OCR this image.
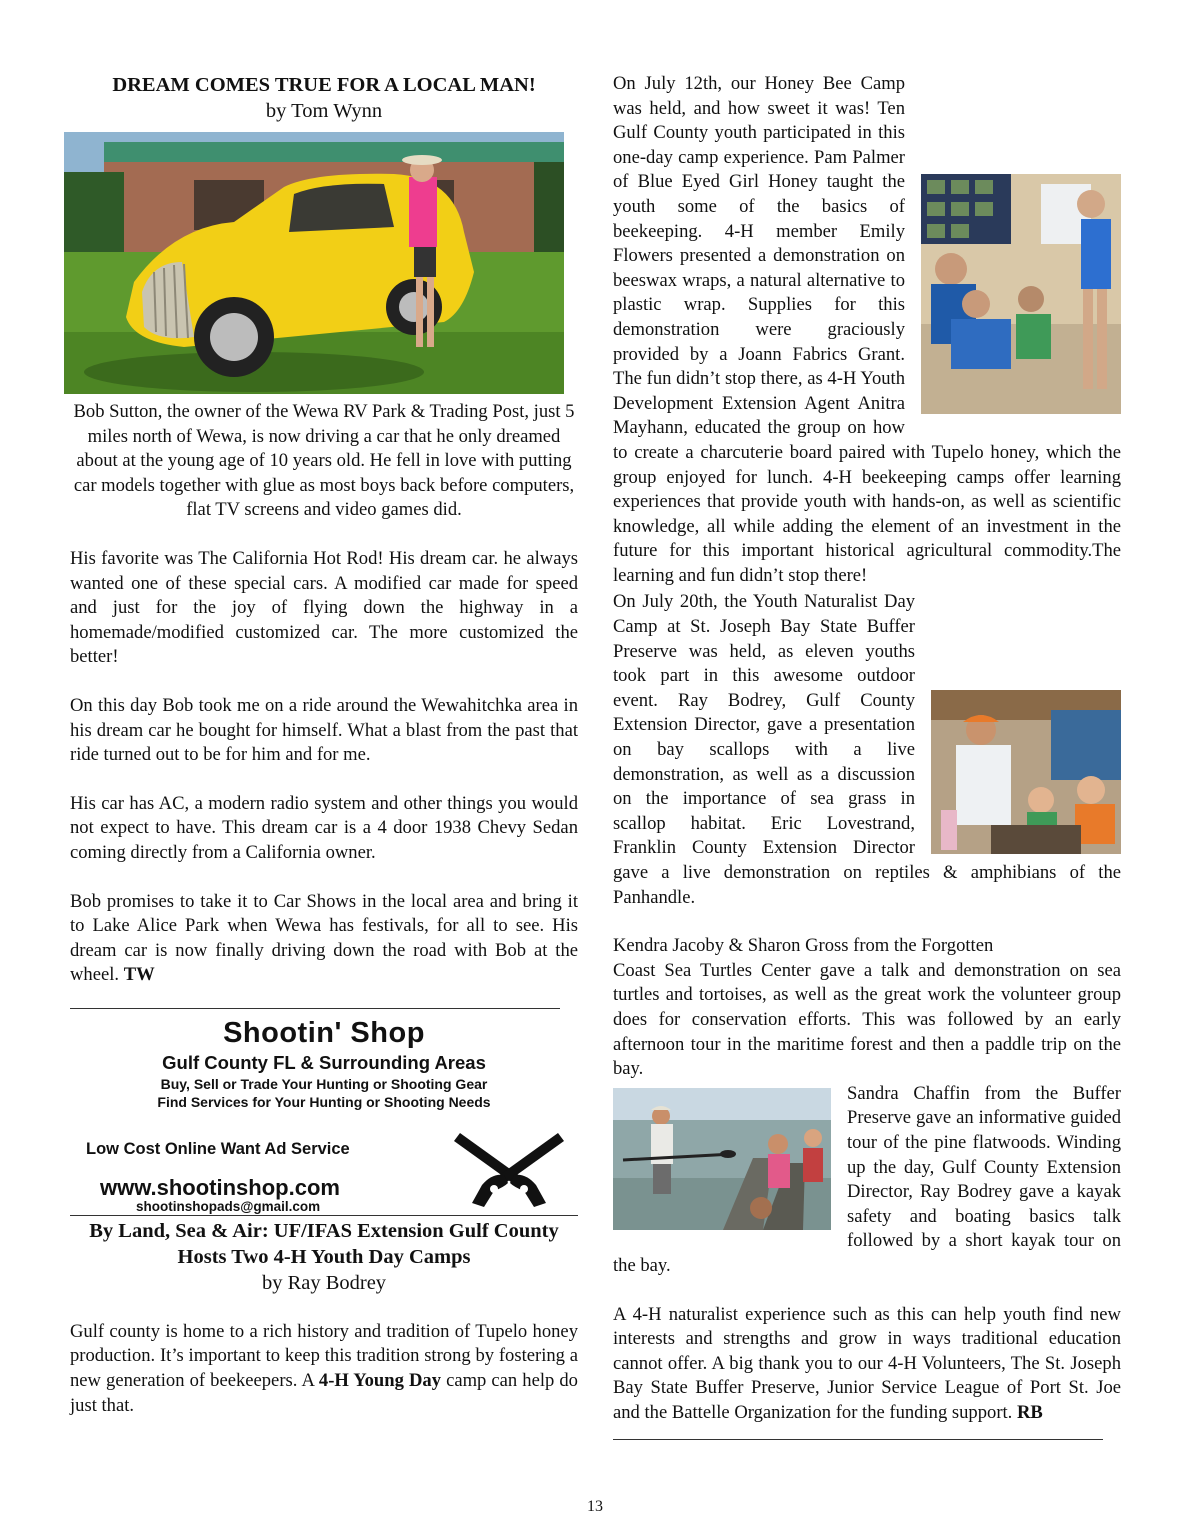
DREAM COMES TRUE FOR A LOCAL MAN!
by Tom Wynn

Bob Sutton, the owner of the Wewa RV Park & Trading Post, just 5 miles north of Wewa, is now driving a car that he only dreamed about at the young age of 10 years old. He fell in love with putting car models together with glue as most boys back before computers, flat TV screens and video games did.

His favorite was The California Hot Rod! His dream car. he always wanted one of these special cars. A modified car made for speed and just for the joy of flying down the highway in a homemade/modified customized car. The more customized the better!

On this day Bob took me on a ride around the Wewahitchka area in his dream car he bought for himself. What a blast from the past that ride turned out to be for him and for me.

His car has AC, a modern radio system and other things you would not expect to have. This dream car is a 4 door 1938 Chevy Sedan coming directly from a California owner.

Bob promises to take it to Car Shows in the local area and bring it to Lake Alice Park when Wewa has festivals, for all to see. His dream car is now finally driving down the road with Bob at the wheel. TW

Shootin' Shop
Gulf County FL & Surrounding Areas
Buy, Sell or Trade Your Hunting or Shooting Gear
Find Services for Your Hunting or Shooting Needs
Low Cost Online Want Ad Service
www.shootinshop.com
shootinshopads@gmail.com
By Land, Sea & Air: UF/IFAS Extension Gulf County Hosts Two 4-H Youth Day Camps
by Ray Bodrey

Gulf county is home to a rich history and tradition of Tupelo honey production. It’s important to keep this tradition strong by fostering a new generation of beekeepers. A 4-H Young Day camp can help do just that.

On July 12th, our Honey Bee Camp was held, and how sweet it was! Ten Gulf County youth participated in this one-day camp experience. Pam Palmer of Blue Eyed Girl Honey taught the youth some of the basics of beekeeping. 4-H member Emily Flowers presented a demonstration on beeswax wraps, a natural alternative to plastic wrap. Supplies for this demonstration were graciously provided by a Joann Fabrics Grant. The fun didn’t stop there, as 4-H Youth Development Extension Agent Anitra Mayhann, educated the group on how to create a charcuterie board paired with Tupelo honey, which the group enjoyed for lunch. 4-H beekeeping camps offer learning experiences that provide youth with hands-on, as well as scientific knowledge, all while adding the element of an investment in the future for this important historical agricultural commodity.The learning and fun didn’t stop there!

On July 20th, the Youth Naturalist Day Camp at St. Joseph Bay State Buffer Preserve was held, as eleven youths took part in this awesome outdoor event. Ray Bodrey, Gulf County Extension Director, gave a presentation on bay scallops with a live demonstration, as well as a discussion on the importance of sea grass in scallop habitat. Eric Lovestrand, Franklin County Extension Director gave a live demonstration on reptiles & amphibians of the Panhandle.

Kendra Jacoby & Sharon Gross from the Forgotten

Coast Sea Turtles Center gave a talk and demonstration on sea turtles and tortoises, as well as the great work the volunteer group does for conservation efforts. This was followed by an early afternoon tour in the maritime forest and then a paddle trip on the bay.

Sandra Chaffin from the Buffer Preserve gave an informative guided tour of the pine flatwoods. Winding up the day, Gulf County Extension Director, Ray Bodrey gave a kayak safety and boating basics talk followed by a short kayak tour on the bay.

A 4-H naturalist experience such as this can help youth find new interests and strengths and grow in ways traditional education cannot offer. A big thank you to our 4-H Volunteers, The St. Joseph Bay State Buffer Preserve, Junior Service League of Port St. Joe and the Battelle Organization for the funding support. RB

13
